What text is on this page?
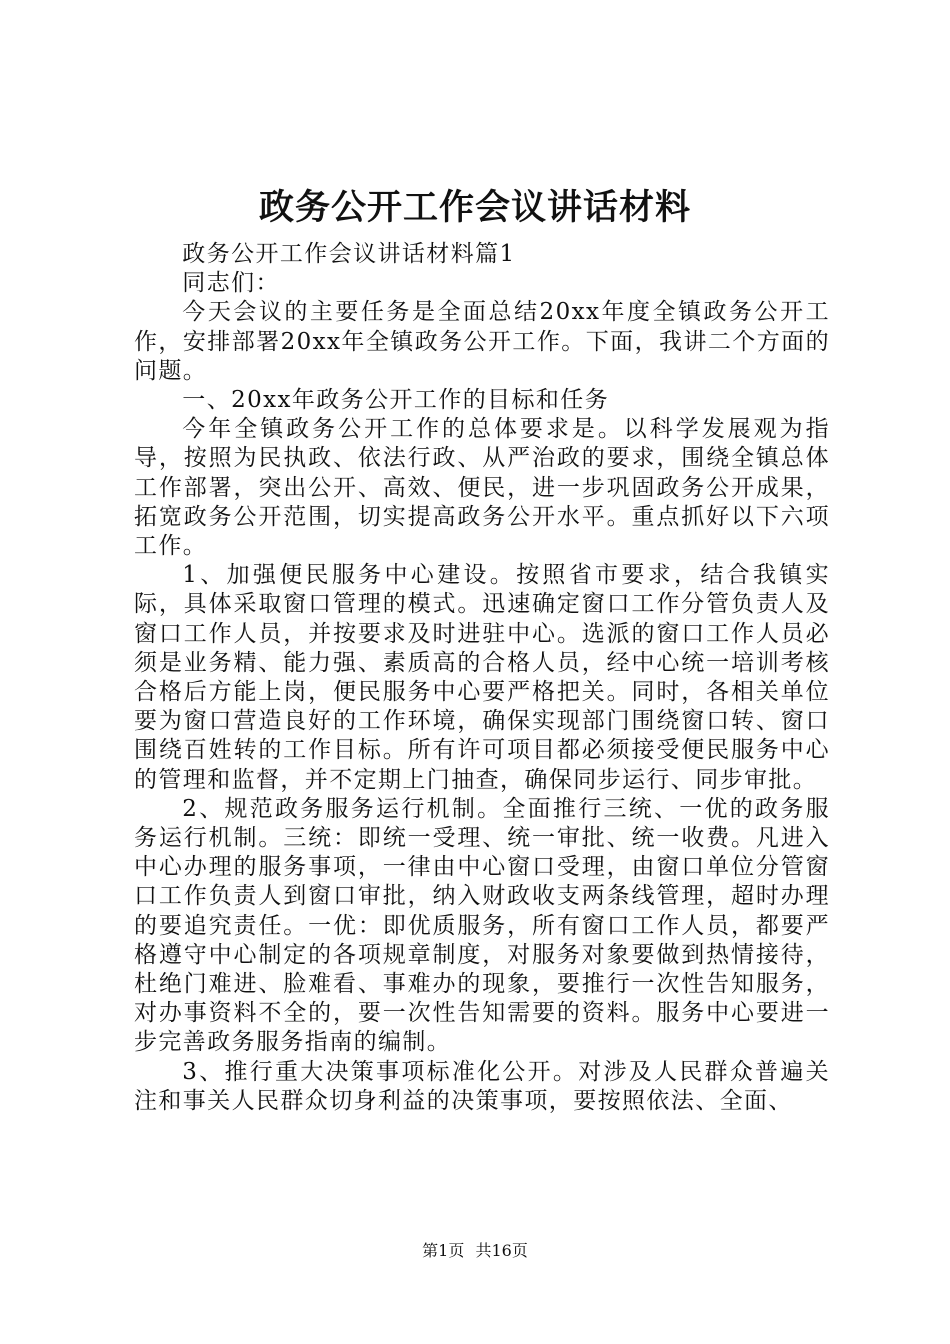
政务公开工作会议讲话材料

政务公开工作会议讲话材料篇1

同志们：

今天会议的主要任务是全面总结20xx年度全镇政务公开工作，安排部署20xx年全镇政务公开工作。下面，我讲二个方面的问题。

一、20xx年政务公开工作的目标和任务

今年全镇政务公开工作的总体要求是。以科学发展观为指导，按照为民执政、依法行政、从严治政的要求，围绕全镇总体工作部署，突出公开、高效、便民，进一步巩固政务公开成果，拓宽政务公开范围，切实提高政务公开水平。重点抓好以下六项工作。

1、加强便民服务中心建设。按照省市要求，结合我镇实际，具体采取窗口管理的模式。迅速确定窗口工作分管负责人及窗口工作人员，并按要求及时进驻中心。选派的窗口工作人员必须是业务精、能力强、素质高的合格人员，经中心统一培训考核合格后方能上岗，便民服务中心要严格把关。同时，各相关单位要为窗口营造良好的工作环境，确保实现部门围绕窗口转、窗口围绕百姓转的工作目标。所有许可项目都必须接受便民服务中心的管理和监督，并不定期上门抽查，确保同步运行、同步审批。

2、规范政务服务运行机制。全面推行三统、一优的政务服务运行机制。三统：即统一受理、统一审批、统一收费。凡进入中心办理的服务事项，一律由中心窗口受理，由窗口单位分管窗口工作负责人到窗口审批，纳入财政收支两条线管理，超时办理的要追究责任。一优：即优质服务，所有窗口工作人员，都要严格遵守中心制定的各项规章制度，对服务对象要做到热情接待，杜绝门难进、脸难看、事难办的现象，要推行一次性告知服务，对办事资料不全的，要一次性告知需要的资料。服务中心要进一步完善政务服务指南的编制。

3、推行重大决策事项标准化公开。对涉及人民群众普遍关注和事关人民群众切身利益的决策事项，要按照依法、全面、

第1页 共16页
